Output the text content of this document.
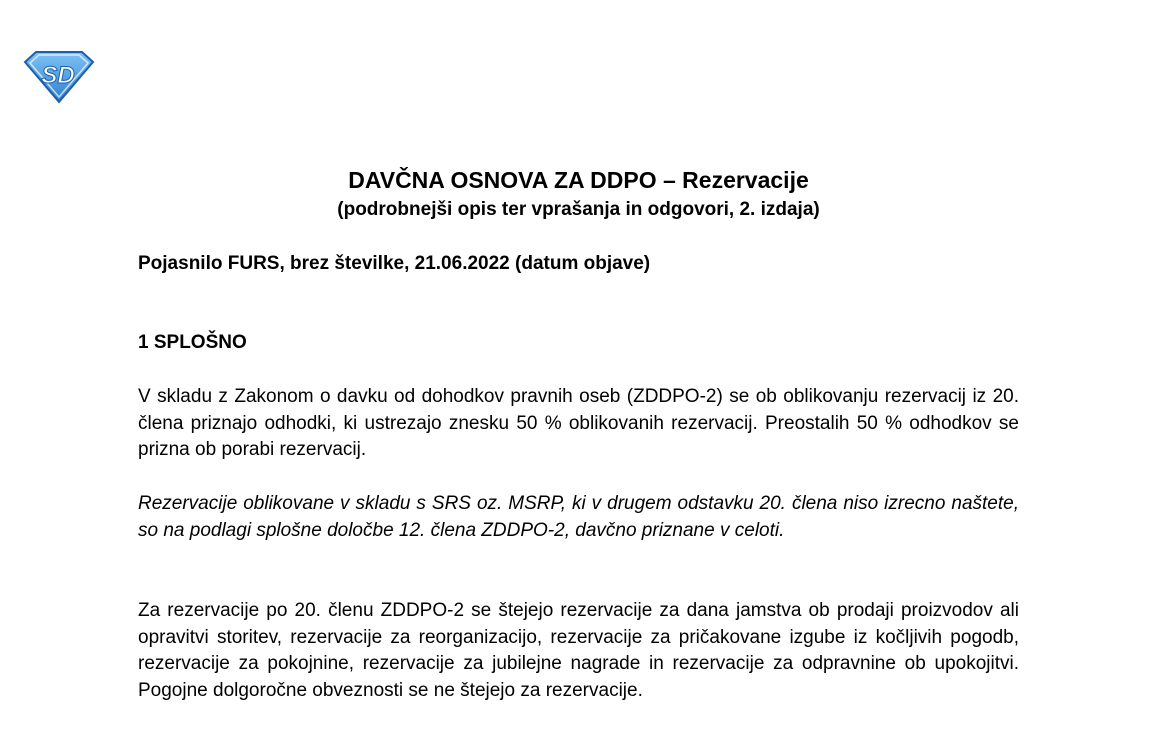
SD
DAVČNA OSNOVA ZA DDPO – Rezervacije
(podrobnejši opis ter vprašanja in odgovori, 2. izdaja)
Pojasnilo FURS, brez številke, 21.06.2022 (datum objave)
1 SPLOŠNO

V skladu z Zakonom o davku od dohodkov pravnih oseb (ZDDPO-2) se ob oblikovanju rezervacij iz 20. člena priznajo odhodki, ki ustrezajo znesku 50 % oblikovanih rezervacij. Preostalih 50 % odhodkov se prizna ob porabi rezervacij.

Rezervacije oblikovane v skladu s SRS oz. MSRP, ki v drugem odstavku 20. člena niso izrecno naštete, so na podlagi splošne določbe 12. člena ZDDPO-2, davčno priznane v celoti.

Za rezervacije po 20. členu ZDDPO-2 se štejejo rezervacije za dana jamstva ob prodaji proizvodov ali opravitvi storitev, rezervacije za reorganizacijo, rezervacije za pričakovane izgube iz kočljivih pogodb, rezervacije za pokojnine, rezervacije za jubilejne nagrade in rezervacije za odpravnine ob upokojitvi. Pogojne dolgoročne obveznosti se ne štejejo za rezervacije.
